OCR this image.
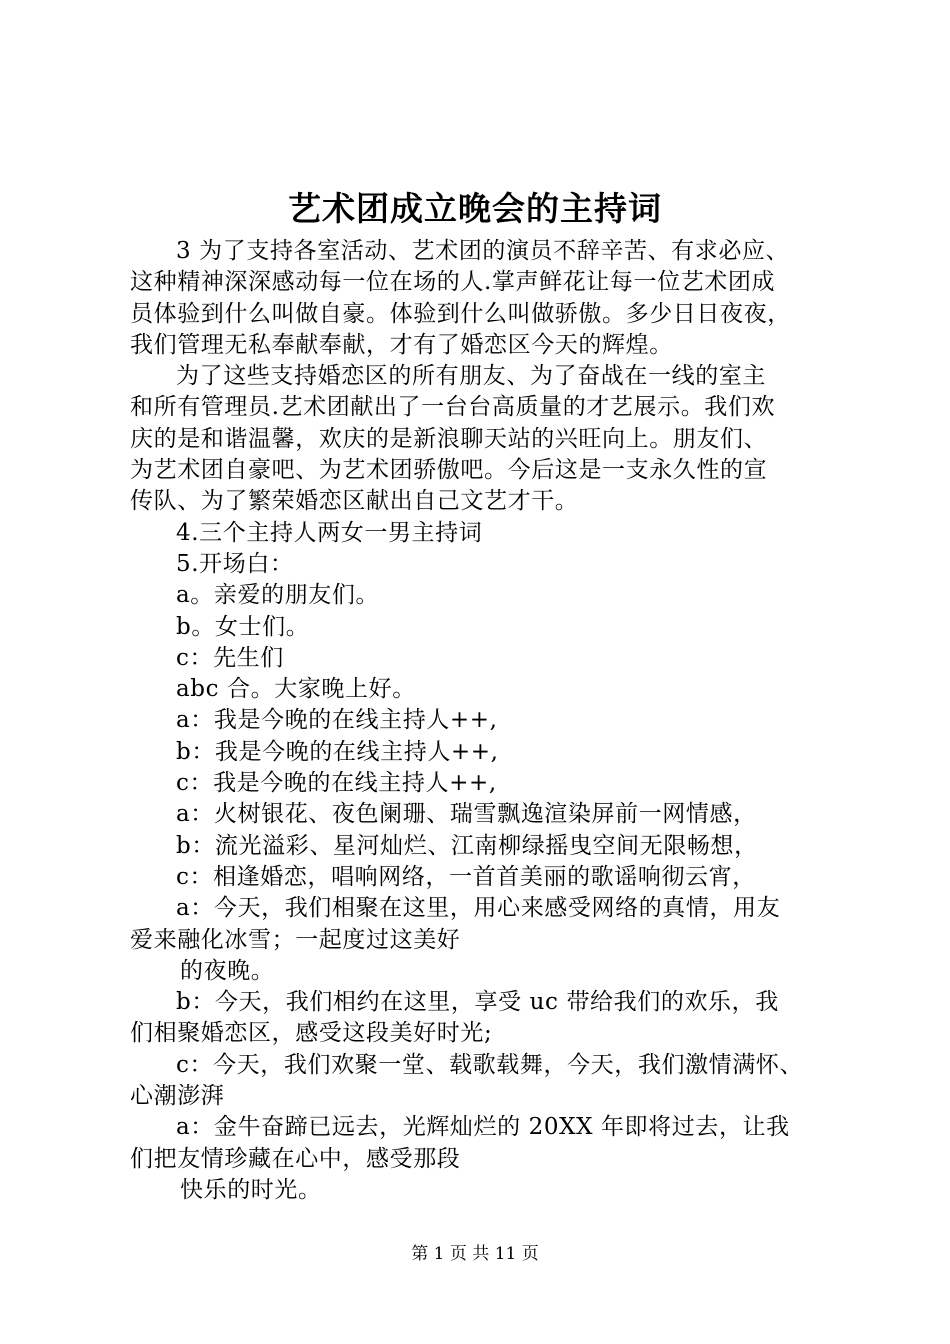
艺术团成立晚会的主持词

3 为了支持各室活动、艺术团的演员不辞辛苦、有求必应、

这种精神深深感动每一位在场的人.掌声鲜花让每一位艺术团成

员体验到什么叫做自豪。体验到什么叫做骄傲。多少日日夜夜，

我们管理无私奉献奉献，才有了婚恋区今天的辉煌。

为了这些支持婚恋区的所有朋友、为了奋战在一线的室主

和所有管理员.艺术团献出了一台台高质量的才艺展示。我们欢

庆的是和谐温馨，欢庆的是新浪聊天站的兴旺向上。朋友们、

为艺术团自豪吧、为艺术团骄傲吧。今后这是一支永久性的宣

传队、为了繁荣婚恋区献出自己文艺才干。

4.三个主持人两女一男主持词

5.开场白：

a。亲爱的朋友们。

b。女士们。

c：先生们

abc 合。大家晚上好。

a：我是今晚的在线主持人++,

b：我是今晚的在线主持人++,

c：我是今晚的在线主持人++,

a：火树银花、夜色阑珊、瑞雪飘逸渲染屏前一网情感，

b：流光溢彩、星河灿烂、江南柳绿摇曳空间无限畅想，

c：相逢婚恋，唱响网络，一首首美丽的歌谣响彻云宵，

a：今天，我们相聚在这里，用心来感受网络的真情，用友

爱来融化冰雪；一起度过这美好

的夜晚。

b：今天，我们相约在这里，享受 uc 带给我们的欢乐，我

们相聚婚恋区，感受这段美好时光;

c：今天，我们欢聚一堂、载歌载舞，今天，我们激情满怀、

心潮澎湃

a：金牛奋蹄已远去，光辉灿烂的 20XX 年即将过去，让我

们把友情珍藏在心中，感受那段

快乐的时光。

第 1 页 共 11 页
